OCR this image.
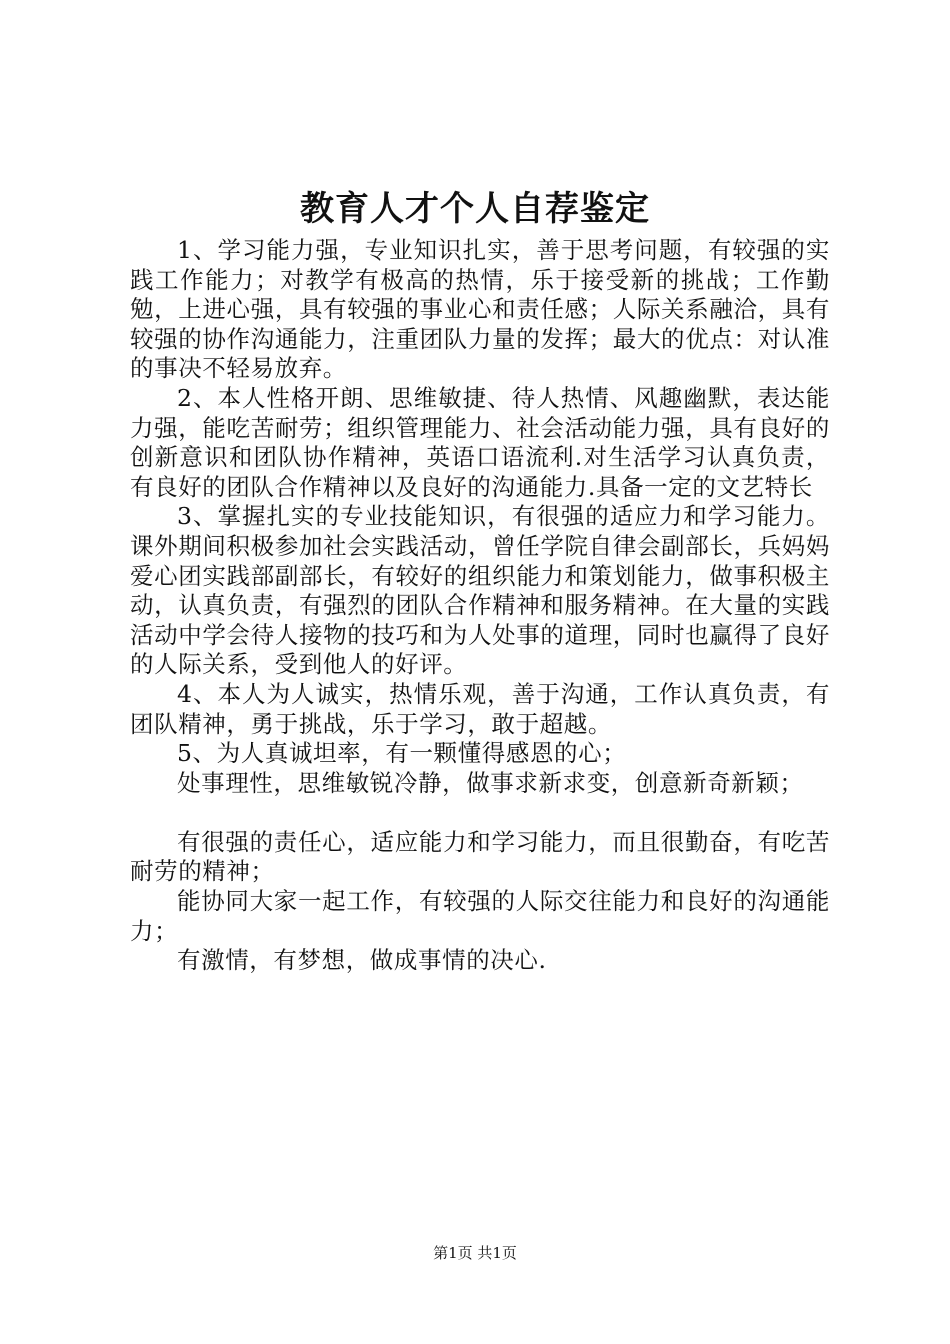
教育人才个人自荐鉴定

1、学习能力强，专业知识扎实，善于思考问题，有较强的实践工作能力；对教学有极高的热情，乐于接受新的挑战；工作勤勉，上进心强，具有较强的事业心和责任感；人际关系融洽，具有较强的协作沟通能力，注重团队力量的发挥；最大的优点：对认准的事决不轻易放弃。

2、本人性格开朗、思维敏捷、待人热情、风趣幽默，表达能力强，能吃苦耐劳；组织管理能力、社会活动能力强，具有良好的创新意识和团队协作精神，英语口语流利.对生活学习认真负责，有良好的团队合作精神以及良好的沟通能力.具备一定的文艺特长

3、掌握扎实的专业技能知识，有很强的适应力和学习能力。课外期间积极参加社会实践活动，曾任学院自律会副部长，兵妈妈爱心团实践部副部长，有较好的组织能力和策划能力，做事积极主动，认真负责，有强烈的团队合作精神和服务精神。在大量的实践活动中学会待人接物的技巧和为人处事的道理，同时也赢得了良好的人际关系，受到他人的好评。

4、本人为人诚实，热情乐观，善于沟通，工作认真负责，有团队精神，勇于挑战，乐于学习，敢于超越。

5、为人真诚坦率，有一颗懂得感恩的心；

处事理性，思维敏锐冷静，做事求新求变，创意新奇新颖；

有很强的责任心，适应能力和学习能力，而且很勤奋，有吃苦耐劳的精神；

能协同大家一起工作，有较强的人际交往能力和良好的沟通能力；

有激情，有梦想，做成事情的决心.

第1页 共1页
